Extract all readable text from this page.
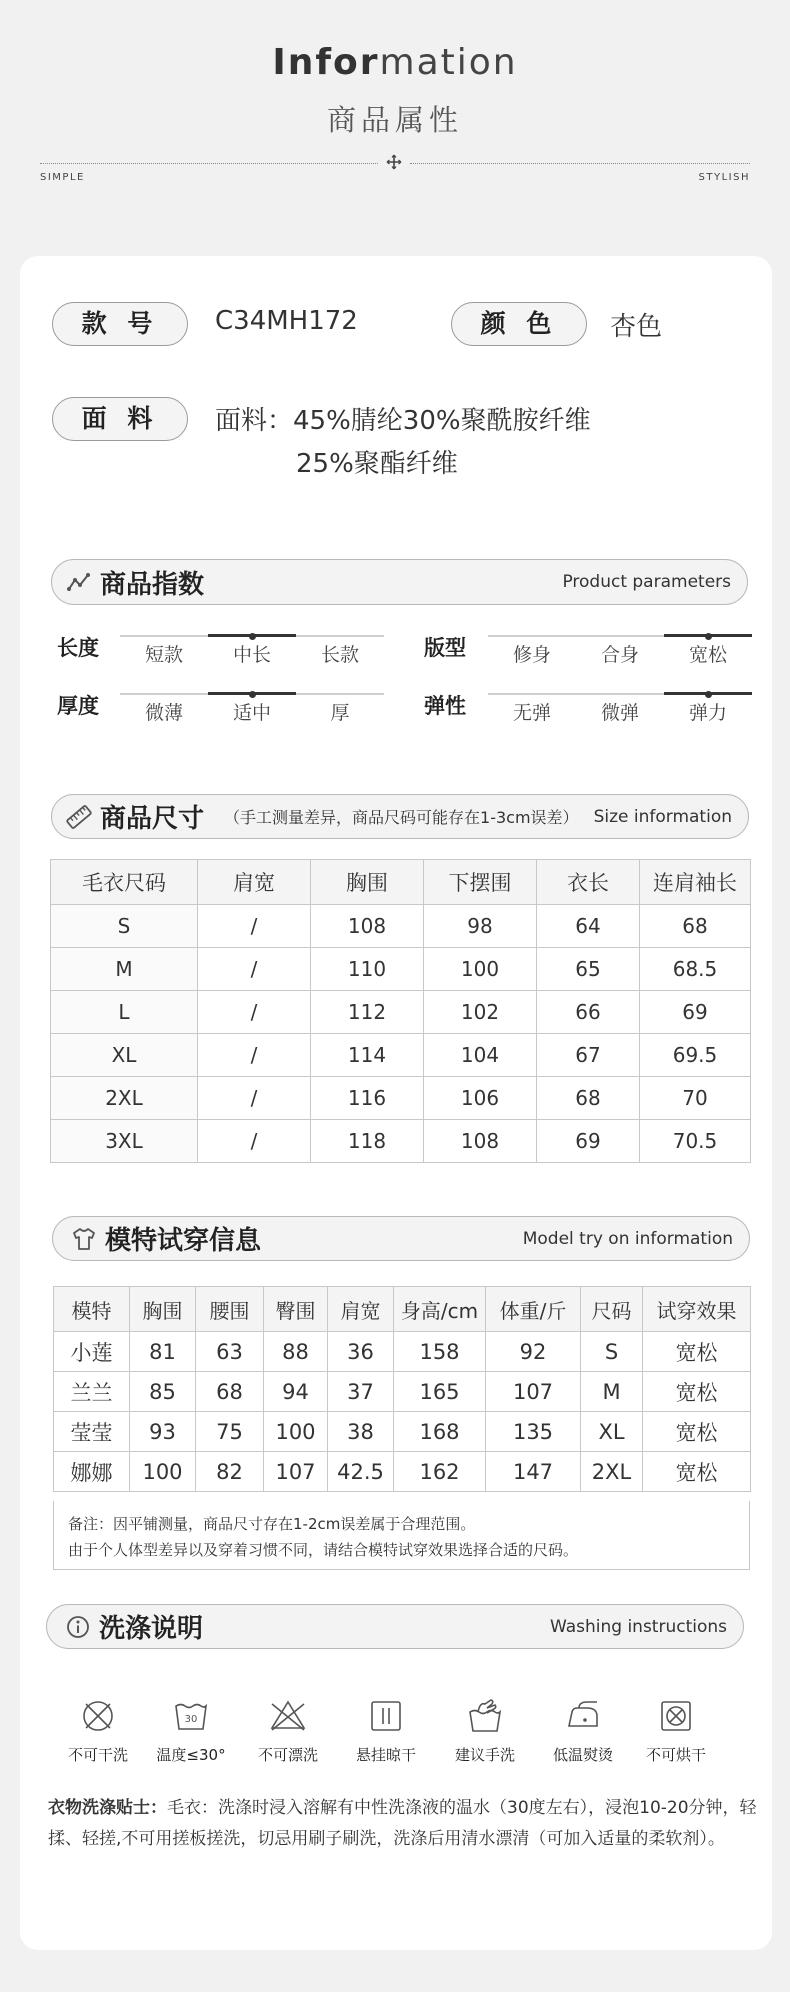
Information
商品属性
SIMPLE	STYLISH
款 号	C34MH172	颜 色	杏色
面 料	面料：45%腈纶30%聚酰胺纤维
25%聚酯纤维
商品指数	Product parameters
长度	短款	中长	长款	版型	修身	合身	宽松
厚度	微薄	适中	厚	弹性	无弹	微弹	弹力
商品尺寸 （手工测量差异，商品尺码可能存在1-3cm误差） Size information
毛衣尺码	肩宽	胸围	下摆围	衣长	连肩袖长
S	/	108	98	64	68
M	/	110	100	65	68.5
L	/	112	102	66	69
XL	/	114	104	67	69.5
2XL	/	116	106	68	70
3XL	/	118	108	69	70.5
模特试穿信息	Model try on information
模特	胸围	腰围	臀围	肩宽	身高/cm	体重/斤	尺码	试穿效果
小莲	81	63	88	36	158	92	S	宽松
兰兰	85	68	94	37	165	107	M	宽松
莹莹	93	75	100	38	168	135	XL	宽松
娜娜	100	82	107	42.5	162	147	2XL	宽松
备注：因平铺测量，商品尺寸存在1-2cm误差属于合理范围。
由于个人体型差异以及穿着习惯不同，请结合模特试穿效果选择合适的尺码。
洗涤说明	Washing instructions
不可干洗
30
温度≤30°	不可漂洗	悬挂晾干	建议手洗	低温熨烫	不可烘干
衣物洗涤贴士：毛衣：洗涤时浸入溶解有中性洗涤液的温水（30度左右），浸泡10-20分钟，轻揉、轻搓,不可用搓板搓洗，切忌用刷子刷洗，洗涤后用清水漂清（可加入适量的柔软剂）。
